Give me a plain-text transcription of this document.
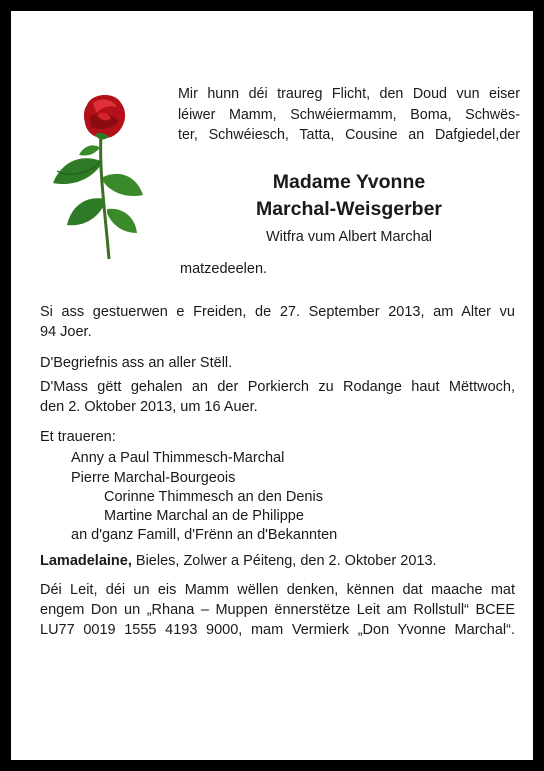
Mir hunn déi traureg Flicht, den Doud vun eiser
léiwer Mamm, Schwéiermamm, Boma, Schwës-
ter, Schwéiesch, Tatta, Cousine an Dafgiedel,der
Madame Yvonne
Marchal-Weisgerber
Witfra vum Albert Marchal
matzedeelen.
Si ass gestuerwen e Freiden, de 27. September 2013, am Alter vu
94 Joer.
D'Begriefnis ass an aller Stëll.
D'Mass gëtt gehalen an der Porkierch zu Rodange haut Mëttwoch,
den 2. Oktober 2013, um 16 Auer.
Et traueren:
Anny a Paul Thimmesch-Marchal
Pierre Marchal-Bourgeois
Corinne Thimmesch an den Denis
Martine Marchal an de Philippe
an d'ganz Famill, d'Frënn an d'Bekannten
Lamadelaine, Bieles, Zolwer a Péiteng, den 2. Oktober 2013.
Déi Leit, déi un eis Mamm wëllen denken, kënnen dat maache mat
engem Don un „Rhana – Muppen ënnerstëtze Leit am Rollstull“ BCEE
LU77 0019 1555 4193 9000, mam Vermierk „Don Yvonne Marchal“.
